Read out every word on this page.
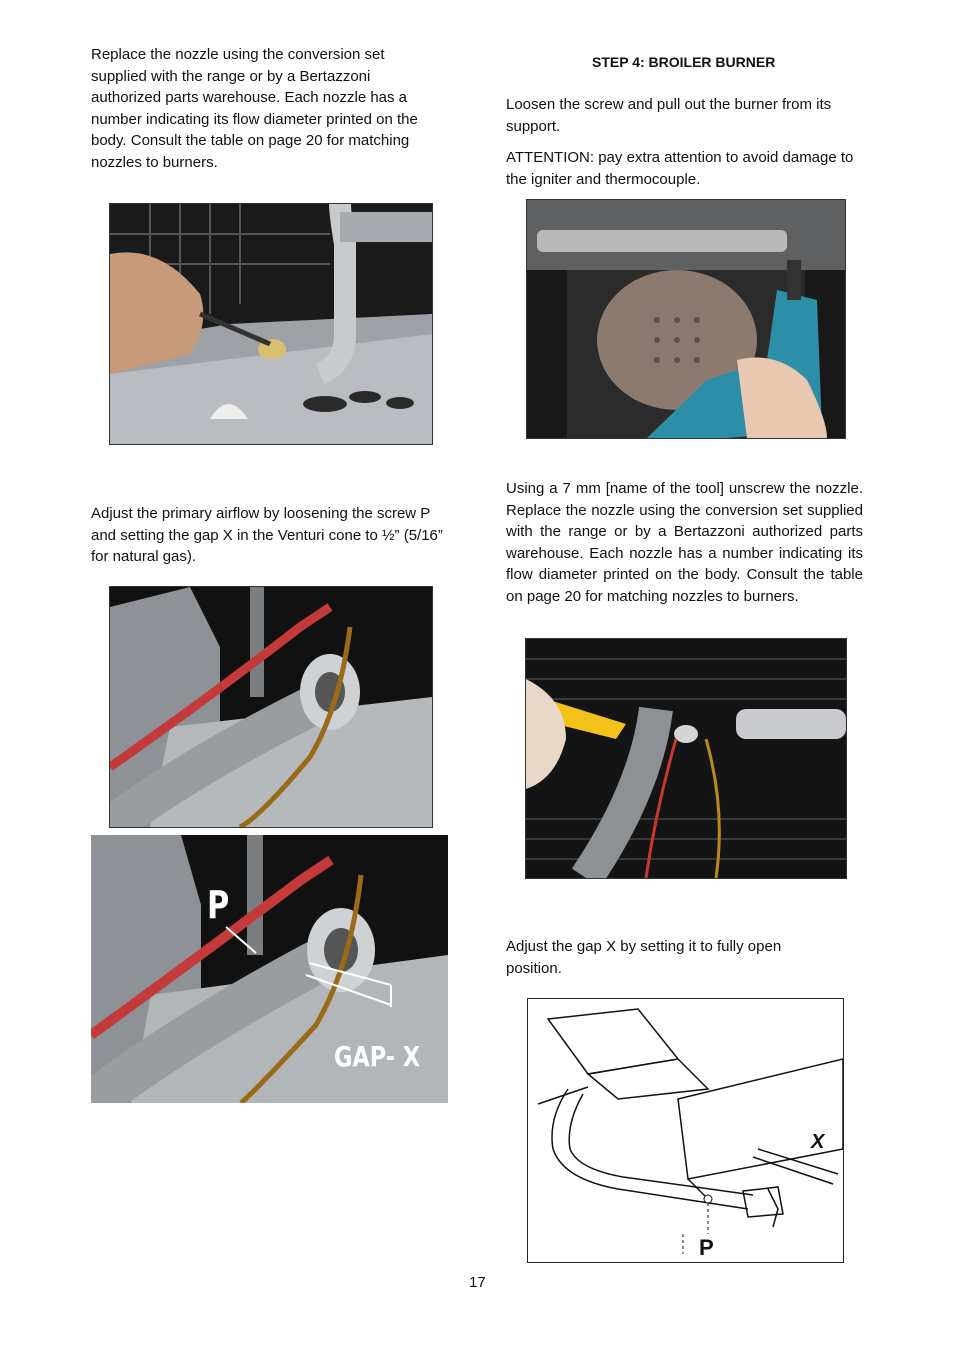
Replace the nozzle using the conversion set supplied with the range or by a Bertazzoni authorized parts warehouse. Each nozzle has a number indicating its flow diameter printed on the body. Consult the table on page 20 for matching nozzles to burners.
Adjust the primary airflow by loosening the screw P and setting the gap X in the Venturi cone to ½” (5/16” for natural gas).
P
GAP- X
STEP 4: BROILER BURNER
Loosen the screw and pull out the burner from its support.
ATTENTION: pay extra attention to avoid damage to the igniter and thermocouple.
Using a 7 mm [name of the tool] unscrew the nozzle. Replace the nozzle using the conversion set supplied with the range or by a Bertazzoni authorized parts warehouse. Each nozzle has a number indicating its flow diameter printed on the body. Consult the table on page 20 for matching nozzles to burners.
Adjust the gap X by setting it to fully open position.
X
P
17
